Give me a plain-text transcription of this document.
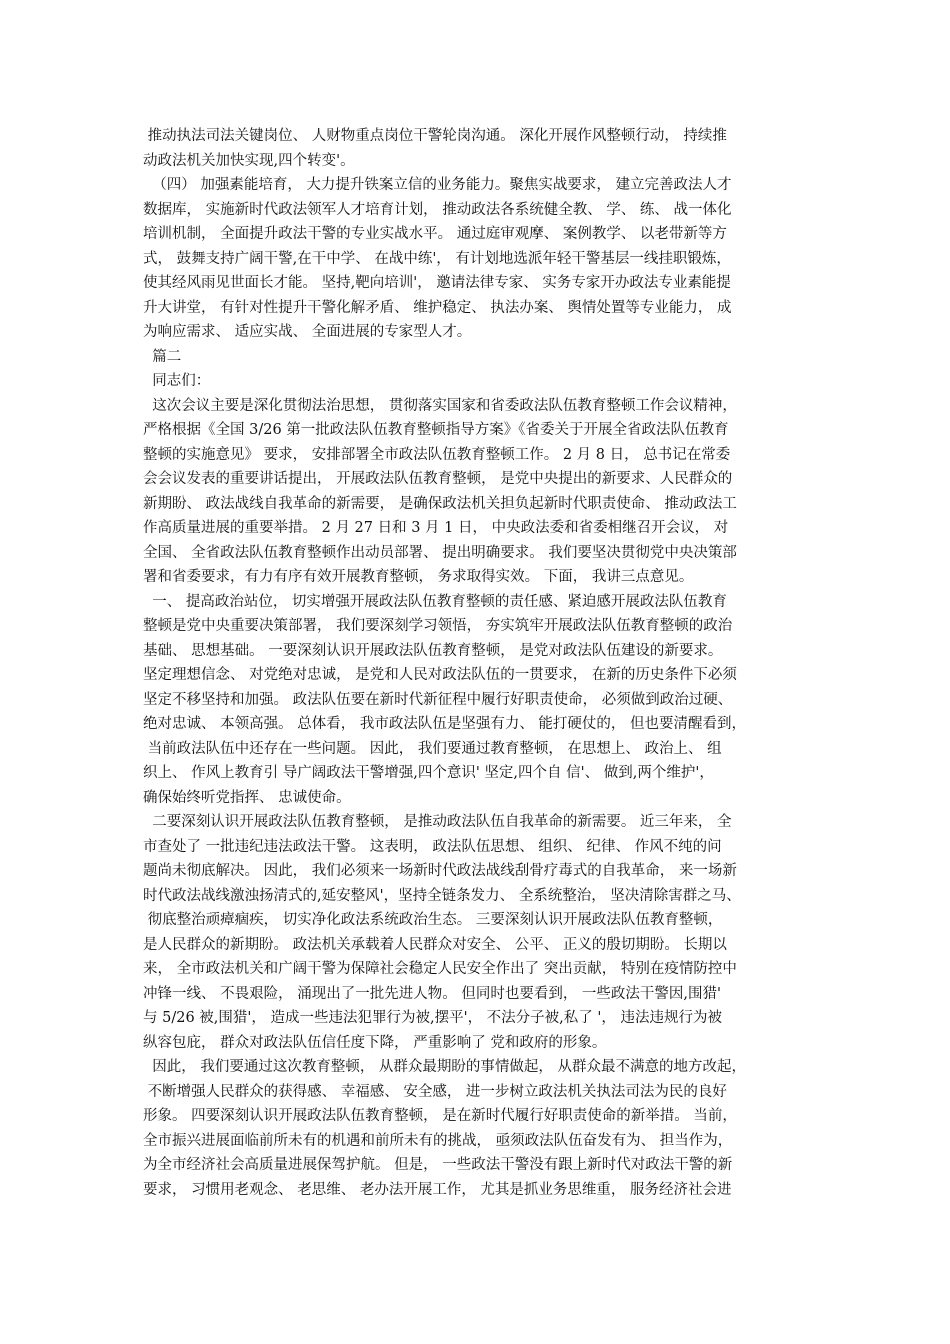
推动执法司法关键岗位、 人财物重点岗位干警轮岗沟通。 深化开展作风整顿行动， 持续推
动政法机关加快实现,四个转变'。
（四） 加强素能培育， 大力提升铁案立信的业务能力。聚焦实战要求， 建立完善政法人才
数据库， 实施新时代政法领军人才培育计划， 推动政法各系统健全教、 学、 练、 战一体化
培训机制， 全面提升政法干警的专业实战水平。 通过庭审观摩、 案例教学、 以老带新等方
式， 鼓舞支持广阔干警,在干中学、 在战中练'， 有计划地选派年轻干警基层一线挂职锻炼，
使其经风雨见世面长才能。 坚持,靶向培训'， 邀请法律专家、 实务专家开办政法专业素能提
升大讲堂， 有针对性提升干警化解矛盾、 维护稳定、 执法办案、 舆情处置等专业能力， 成
为响应需求、 适应实战、 全面进展的专家型人才。
篇二
同志们：
这次会议主要是深化贯彻法治思想， 贯彻落实国家和省委政法队伍教育整顿工作会议精神，
严格根据《全国 3/26 第一批政法队伍教育整顿指导方案》《省委关于开展全省政法队伍教育
整顿的实施意见》 要求， 安排部署全市政法队伍教育整顿工作。 2 月 8 日， 总书记在常委
会会议发表的重要讲话提出， 开展政法队伍教育整顿， 是党中央提出的新要求、人民群众的
新期盼、 政法战线自我革命的新需要， 是确保政法机关担负起新时代职责使命、 推动政法工
作高质量进展的重要举措。 2 月 27 日和 3 月 1 日， 中央政法委和省委相继召开会议， 对
全国、 全省政法队伍教育整顿作出动员部署、 提出明确要求。 我们要坚决贯彻党中央决策部
署和省委要求，有力有序有效开展教育整顿， 务求取得实效。 下面， 我讲三点意见。
一、 提高政治站位， 切实增强开展政法队伍教育整顿的责任感、紧迫感开展政法队伍教育
整顿是党中央重要决策部署， 我们要深刻学习领悟， 夯实筑牢开展政法队伍教育整顿的政治
基础、 思想基础。 一要深刻认识开展政法队伍教育整顿， 是党对政法队伍建设的新要求。
坚定理想信念、 对党绝对忠诚， 是党和人民对政法队伍的一贯要求， 在新的历史条件下必须
坚定不移坚持和加强。 政法队伍要在新时代新征程中履行好职责使命， 必须做到政治过硬、
绝对忠诚、 本领高强。 总体看， 我市政法队伍是坚强有力、 能打硬仗的， 但也要清醒看到，
当前政法队伍中还存在一些问题。 因此， 我们要通过教育整顿， 在思想上、 政治上、 组
织上、 作风上教育引 导广阔政法干警增强,四个意识' 坚定,四个自 信'、 做到,两个维护'，
确保始终听党指挥、 忠诚使命。
二要深刻认识开展政法队伍教育整顿， 是推动政法队伍自我革命的新需要。 近三年来， 全
市查处了 一批违纪违法政法干警。 这表明， 政法队伍思想、 组织、 纪律、 作风不纯的问
题尚未彻底解决。 因此， 我们必须来一场新时代政法战线刮骨疗毒式的自我革命， 来一场新
时代政法战线激浊扬清式的,延安整风'，坚持全链条发力、 全系统整治， 坚决清除害群之马、
彻底整治顽瘴痼疾， 切实净化政法系统政治生态。 三要深刻认识开展政法队伍教育整顿，
是人民群众的新期盼。 政法机关承载着人民群众对安全、 公平、 正义的殷切期盼。 长期以
来， 全市政法机关和广阔干警为保障社会稳定人民安全作出了 突出贡献， 特别在疫情防控中
冲锋一线、 不畏艰险， 涌现出了一批先进人物。 但同时也要看到， 一些政法干警因,围猎'
与 5/26 被,围猎'， 造成一些违法犯罪行为被,摆平'， 不法分子被,私了 '， 违法违规行为被
纵容包庇， 群众对政法队伍信任度下降， 严重影响了 党和政府的形象。
因此， 我们要通过这次教育整顿， 从群众最期盼的事情做起， 从群众最不满意的地方改起，
不断增强人民群众的获得感、 幸福感、 安全感， 进一步树立政法机关执法司法为民的良好
形象。 四要深刻认识开展政法队伍教育整顿， 是在新时代履行好职责使命的新举措。 当前，
全市振兴进展面临前所未有的机遇和前所未有的挑战， 亟须政法队伍奋发有为、 担当作为，
为全市经济社会高质量进展保驾护航。 但是， 一些政法干警没有跟上新时代对政法干警的新
要求， 习惯用老观念、 老思维、 老办法开展工作， 尤其是抓业务思维重， 服务经济社会进
